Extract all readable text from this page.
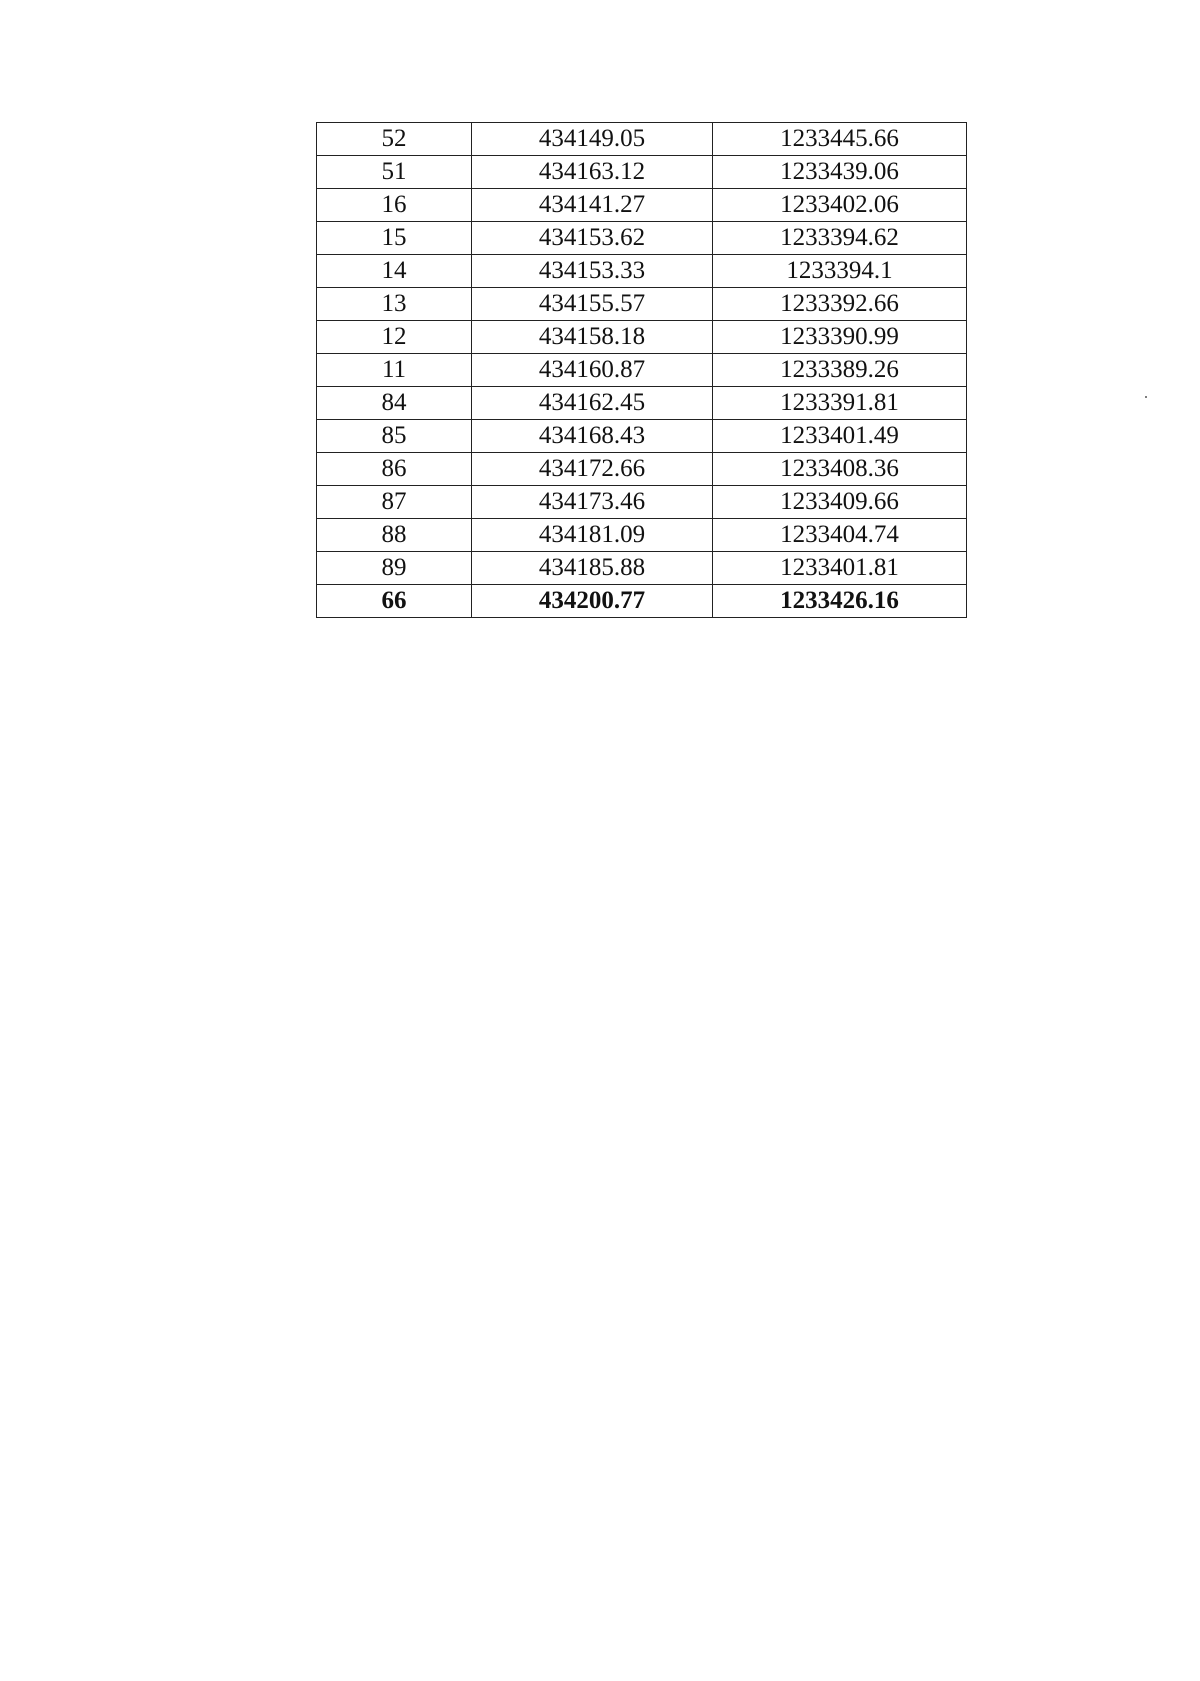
52	434149.05	1233445.66
51	434163.12	1233439.06
16	434141.27	1233402.06
15	434153.62	1233394.62
14	434153.33	1233394.1
13	434155.57	1233392.66
12	434158.18	1233390.99
11	434160.87	1233389.26
84	434162.45	1233391.81
85	434168.43	1233401.49
86	434172.66	1233408.36
87	434173.46	1233409.66
88	434181.09	1233404.74
89	434185.88	1233401.81
66	434200.77	1233426.16
